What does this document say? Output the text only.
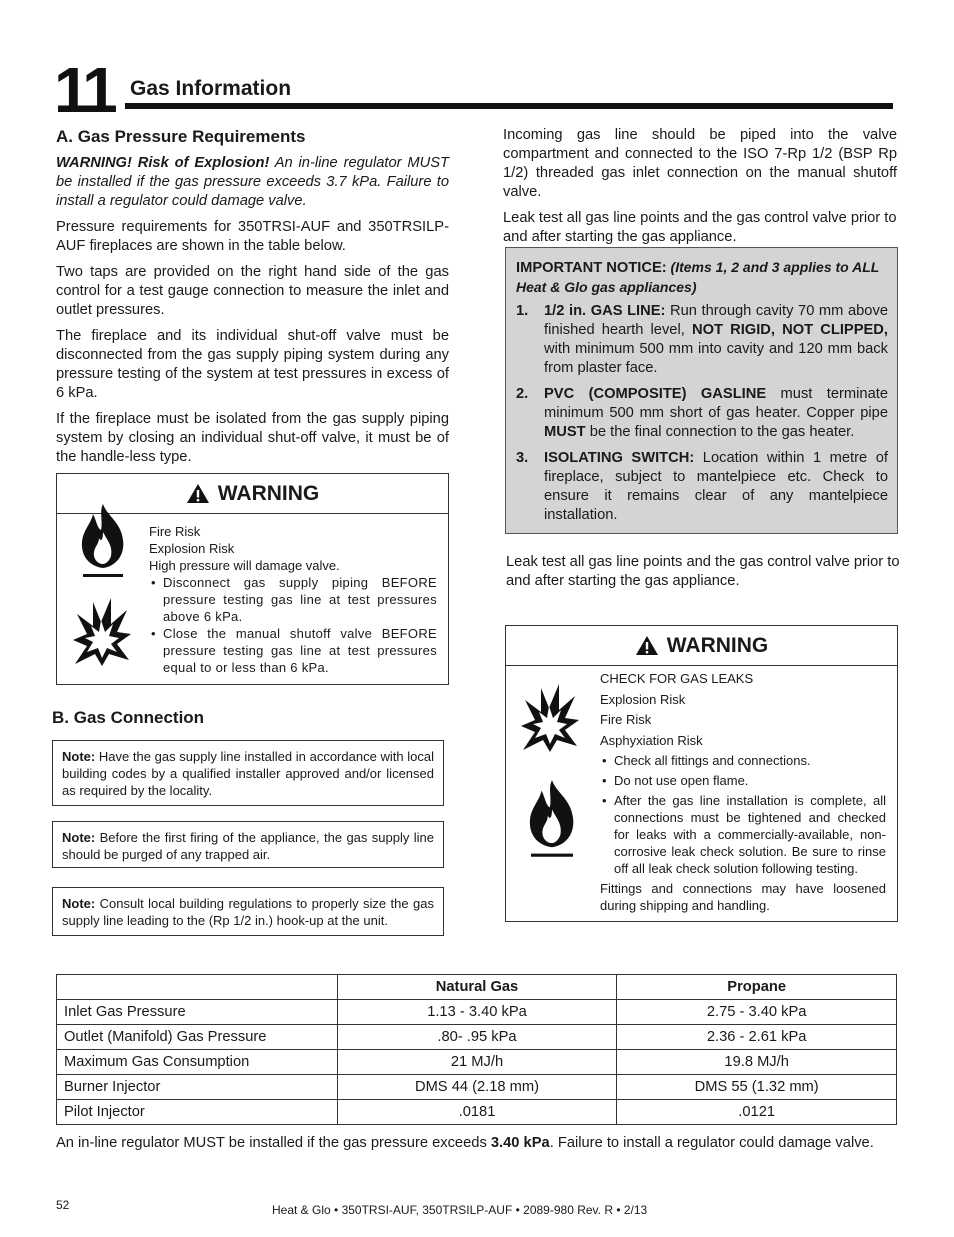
11 Gas Information
A. Gas Pressure Requirements

WARNING! Risk of Explosion! An in-line regulator MUST be installed if the gas pressure exceeds 3.7 kPa. Failure to install a regulator could damage valve.

Pressure requirements for 350TRSI-AUF and 350TRSILP-AUF fireplaces are shown in the table below.

Two taps are provided on the right hand side of the gas control for a test gauge connection to measure the inlet and outlet pressures.

The fireplace and its individual shut-off valve must be disconnected from the gas supply piping system during any pressure testing of the system at test pressures in excess of 6 kPa.

If the fireplace must be isolated from the gas supply piping system by closing an individual shut-off valve, it must be of the handle-less type.

WARNING
Fire Risk
Explosion Risk
High pressure will damage valve.
• Disconnect gas supply piping BEFORE pressure testing gas line at test pressures above 6 kPa.
• Close the manual shutoff valve BEFORE pressure testing gas line at test pressures equal to or less than 6 kPa.
B. Gas Connection
Note: Have the gas supply line installed in accordance with local building codes by a qualified installer approved and/or licensed as required by the locality.
Note: Before the first firing of the appliance, the gas supply line should be purged of any trapped air.
Note: Consult local building regulations to properly size the gas supply line leading to the (Rp 1/2 in.) hook-up at the unit.

Incoming gas line should be piped into the valve compartment and connected to the ISO 7-Rp 1/2 (BSP Rp 1/2) threaded gas inlet connection on the manual shutoff valve.

Leak test all gas line points and the gas control valve prior to and after starting the gas appliance.

IMPORTANT NOTICE: (Items 1, 2 and 3 applies to ALL Heat & Glo gas appliances)
1. 1/2 in. GAS LINE: Run through cavity 70 mm above finished hearth level, NOT RIGID, NOT CLIPPED, with minimum 500 mm into cavity and 120 mm back from plaster face.
2. PVC (COMPOSITE) GASLINE must terminate minimum 500 mm short of gas heater. Copper pipe MUST be the final connection to the gas heater.
3. ISOLATING SWITCH: Location within 1 metre of fireplace, subject to mantelpiece etc. Check to ensure it remains clear of any mantelpiece installation.

Leak test all gas line points and the gas control valve prior to and after starting the gas appliance.

WARNING
CHECK FOR GAS LEAKS
Explosion Risk
Fire Risk
Asphyxiation Risk
• Check all fittings and connections.
• Do not use open flame.
• After the gas line installation is complete, all connections must be tightened and checked for leaks with a commercially-available, non-corrosive leak check solution. Be sure to rinse off all leak check solution following testing.
Fittings and connections may have loosened during shipping and handling.
	Natural Gas	Propane
Inlet Gas Pressure	1.13 - 3.40 kPa	2.75 - 3.40 kPa
Outlet (Manifold) Gas Pressure	.80- .95 kPa	2.36 - 2.61 kPa
Maximum Gas Consumption	21 MJ/h	19.8 MJ/h
Burner Injector	DMS 44 (2.18 mm)	DMS 55 (1.32 mm)
Pilot Injector	.0181	.0121
An in-line regulator MUST be installed if the gas pressure exceeds 3.40 kPa. Failure to install a regulator could damage valve.
52	Heat & Glo • 350TRSI-AUF, 350TRSILP-AUF • 2089-980 Rev. R • 2/13
